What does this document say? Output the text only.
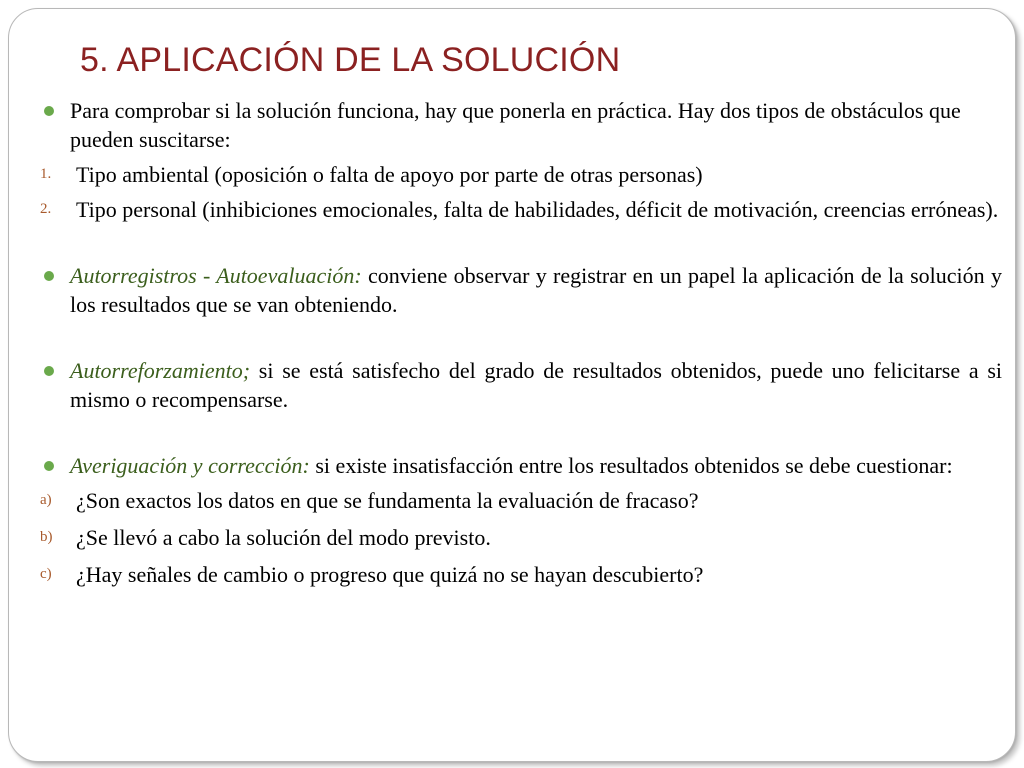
5. APLICACIÓN DE LA SOLUCIÓN
Para comprobar si la solución funciona, hay que ponerla en práctica. Hay dos tipos de obstáculos que pueden suscitarse:
1. Tipo ambiental (oposición o falta de apoyo por parte de otras personas)
2. Tipo personal (inhibiciones emocionales, falta de habilidades, déficit de motivación, creencias erróneas).
Autorregistros - Autoevaluación: conviene observar y registrar en un papel la aplicación de la solución y los resultados que se van obteniendo.
Autorreforzamiento; si se está satisfecho del grado de resultados obtenidos, puede uno felicitarse a si mismo o recompensarse.
Averiguación y corrección: si existe insatisfacción entre los resultados obtenidos se debe cuestionar:
a) ¿Son exactos los datos en que se fundamenta la evaluación de fracaso?
b) ¿Se llevó a cabo la solución del modo previsto.
c) ¿Hay señales de cambio o progreso que quizá no se hayan descubierto?
